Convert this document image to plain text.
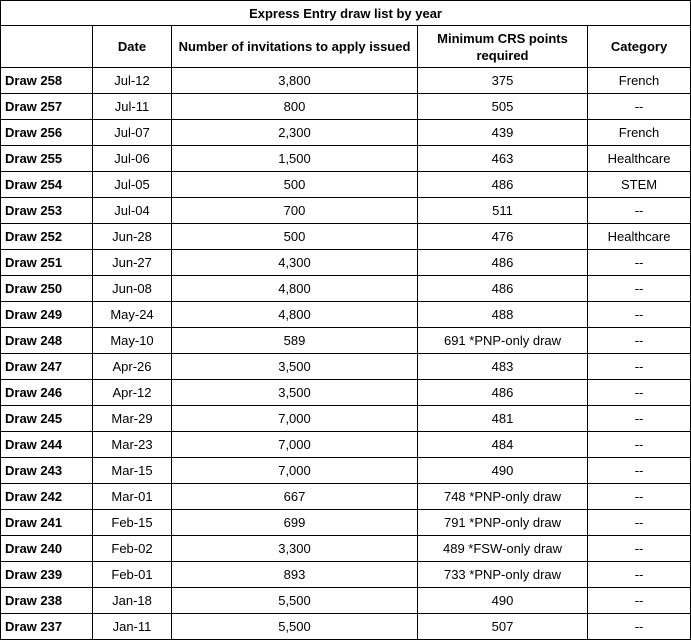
Express Entry draw list by year				
	Date	Number of invitations to apply issued	Minimum CRS points required	Category
Draw 258	Jul-12	3,800	375	French
Draw 257	Jul-11	800	505	--
Draw 256	Jul-07	2,300	439	French
Draw 255	Jul-06	1,500	463	Healthcare
Draw 254	Jul-05	500	486	STEM
Draw 253	Jul-04	700	511	--
Draw 252	Jun-28	500	476	Healthcare
Draw 251	Jun-27	4,300	486	--
Draw 250	Jun-08	4,800	486	--
Draw 249	May-24	4,800	488	--
Draw 248	May-10	589	691 *PNP-only draw	--
Draw 247	Apr-26	3,500	483	--
Draw 246	Apr-12	3,500	486	--
Draw 245	Mar-29	7,000	481	--
Draw 244	Mar-23	7,000	484	--
Draw 243	Mar-15	7,000	490	--
Draw 242	Mar-01	667	748 *PNP-only draw	--
Draw 241	Feb-15	699	791 *PNP-only draw	--
Draw 240	Feb-02	3,300	489 *FSW-only draw	--
Draw 239	Feb-01	893	733 *PNP-only draw	--
Draw 238	Jan-18	5,500	490	--
Draw 237	Jan-11	5,500	507	--
